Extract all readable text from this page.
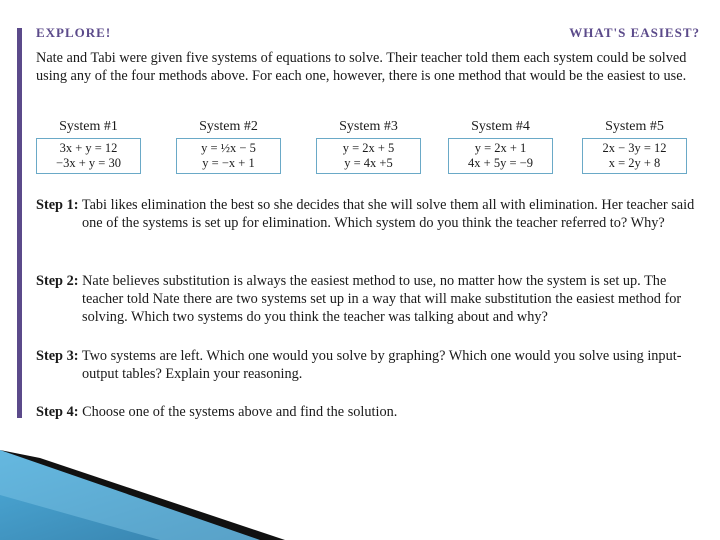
EXPLORE!	WHAT'S EASIEST?
Nate and Tabi were given five systems of equations to solve. Their teacher told them each system could be solved using any of the four methods above. For each one, however, there is one method that would be the easiest to use.
System #1
3x + y = 12
−3x + y = 30
System #2
y = ½x − 5
y = −x + 1
System #3
y = 2x + 5
y = 4x +5
System #4
y = 2x + 1
4x + 5y = −9
System #5
2x − 3y = 12
x = 2y + 8
Step 1: Tabi likes elimination the best so she decides that she will solve them all with elimination. Her teacher said one of the systems is set up for elimination. Which system do you think the teacher referred to? Why?
Step 2: Nate believes substitution is always the easiest method to use, no matter how the system is set up. The teacher told Nate there are two systems set up in a way that will make substitution the easiest method for solving. Which two systems do you think the teacher was talking about and why?
Step 3: Two systems are left. Which one would you solve by graphing? Which one would you solve using input-output tables? Explain your reasoning.
Step 4: Choose one of the systems above and find the solution.
